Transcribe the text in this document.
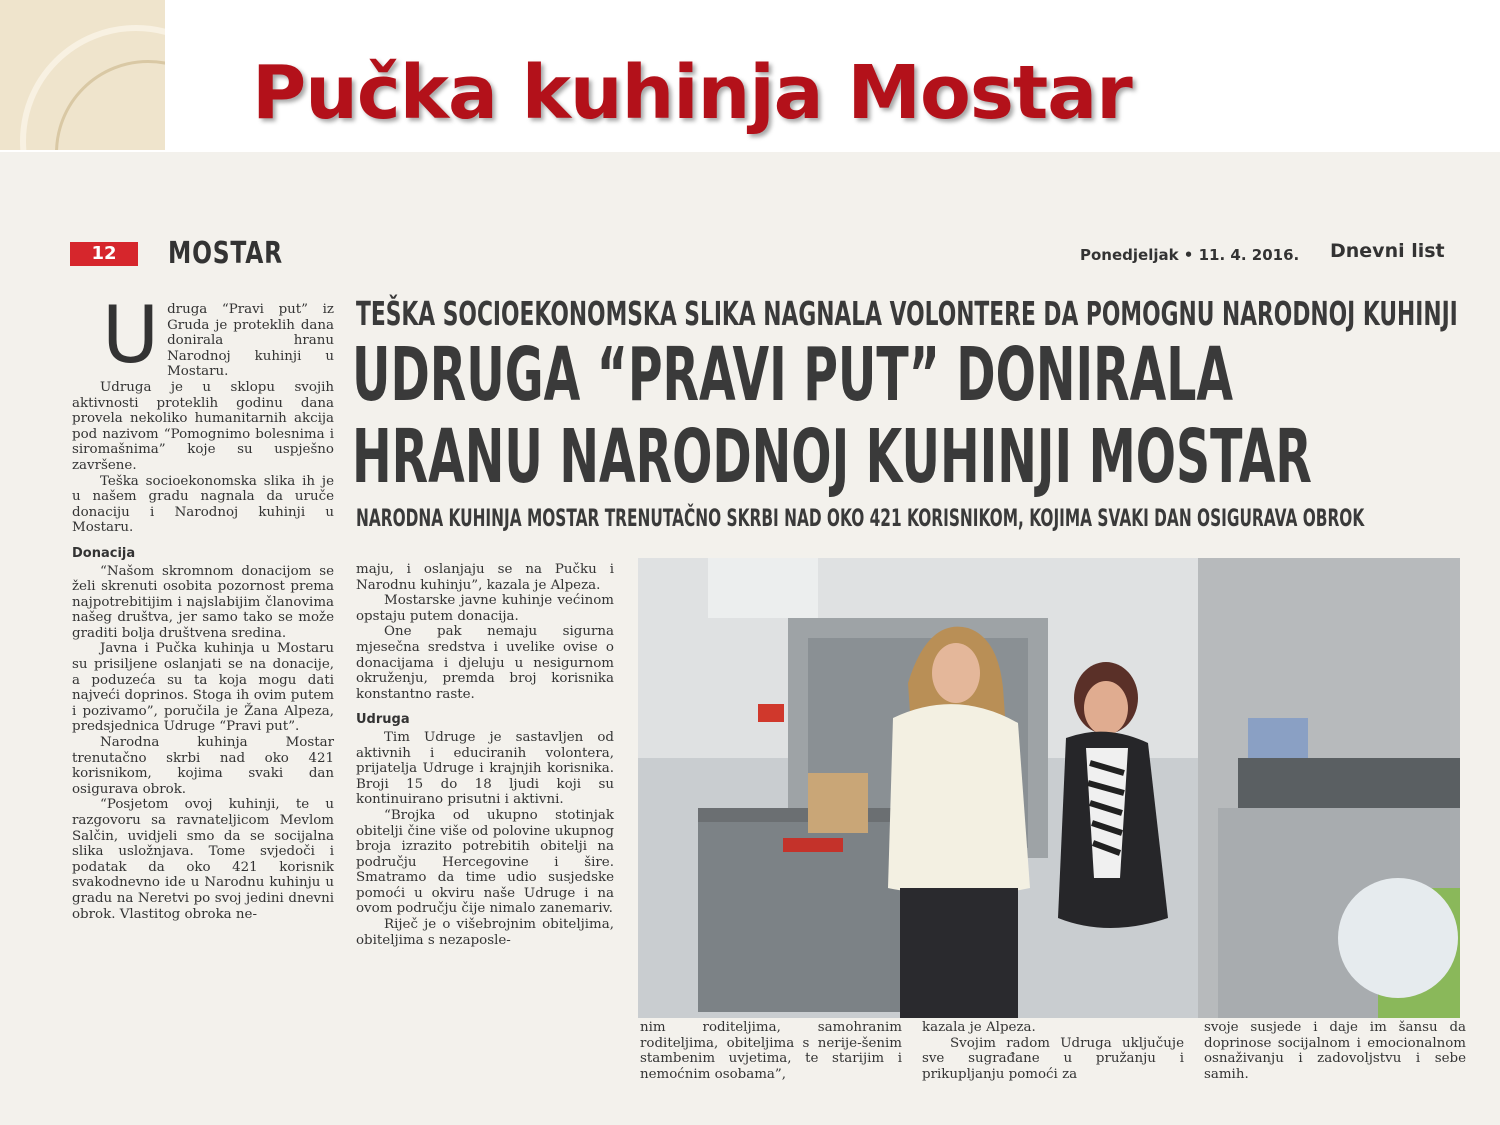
Pučka kuhinja Mostar
12	MOSTAR	Ponedjeljak • 11. 4. 2016. Dnevni list
TEŠKA SOCIOEKONOMSKA SLIKA NAGNALA VOLONTERE DA POMOGNU NARODNOJ KUHINJI
UDRUGA “PRAVI PUT” DONIRALA
HRANU NARODNOJ KUHINJI MOSTAR
NARODNA KUHINJA MOSTAR TRENUTAČNO SKRBI NAD OKO 421 KORISNIKOM, KOJIMA SVAKI DAN OSIGURAVA OBROK
U druga “Pravi put” iz Gruda je proteklih dana donirala hranu Narodnoj kuhinji u Mostaru.

Udruga je u sklopu svojih aktivnosti proteklih godinu dana provela nekoliko humanitarnih akcija pod nazivom “Pomognimo bolesnima i siromašnima” koje su uspješno završene.

Teška socioekonomska slika ih je u našem gradu nagnala da uruče donaciju i Narodnoj kuhinji u Mostaru.

Donacija

“Našom skromnom donacijom se želi skrenuti osobita pozornost prema najpotrebitijim i najslabijim članovima našeg društva, jer samo tako se može graditi bolja društvena sredina.

Javna i Pučka kuhinja u Mostaru su prisiljene oslanjati se na donacije, a poduzeća su ta koja mogu dati najveći doprinos. Stoga ih ovim putem i pozivamo”, poručila je Žana Alpeza, predsjednica Udruge “Pravi put”.

Narodna kuhinja Mostar trenutačno skrbi nad oko 421 korisnikom, kojima svaki dan osigurava obrok.

“Posjetom ovoj kuhinji, te u razgovoru sa ravnateljicom Mevlom Salčin, uvidjeli smo da se socijalna slika usložnjava. Tome svjedoči i podatak da oko 421 korisnik svakodnevno ide u Narodnu kuhinju u gradu na Neretvi po svoj jedini dnevni obrok. Vlastitog obroka ne-

maju, i oslanjaju se na Pučku i Narodnu kuhinju”, kazala je Alpeza.

Mostarske javne kuhinje većinom opstaju putem donacija.

One pak nemaju sigurna mjesečna sredstva i uvelike ovise o donacijama i djeluju u nesigurnom okruženju, premda broj korisnika konstantno raste.

Udruga

Tim Udruge je sastavljen od aktivnih i educiranih volontera, prijatelja Udruge i krajnjih korisnika. Broji 15 do 18 ljudi koji su kontinuirano prisutni i aktivni.

“Brojka od ukupno stotinjak obitelji čine više od polovine ukupnog broja izrazito potrebitih obitelji na području Hercegovine i šire. Smatramo da time udio susjedske pomoći u okviru naše Udruge i na ovom području čije nimalo zanemariv.

Riječ je o višebrojnim obiteljima, obiteljima s nezaposle-

nim roditeljima, samohranim roditeljima, obiteljima s nerije-šenim stambenim uvjetima, te starijim i nemoćnim osobama”,

kazala je Alpeza.

Svojim radom Udruga uključuje sve sugrađane u pružanju i prikupljanju pomoći za

svoje susjede i daje im šansu da doprinose socijalnom i emocionalnom osnaživanju i zadovoljstvu i sebe samih.
